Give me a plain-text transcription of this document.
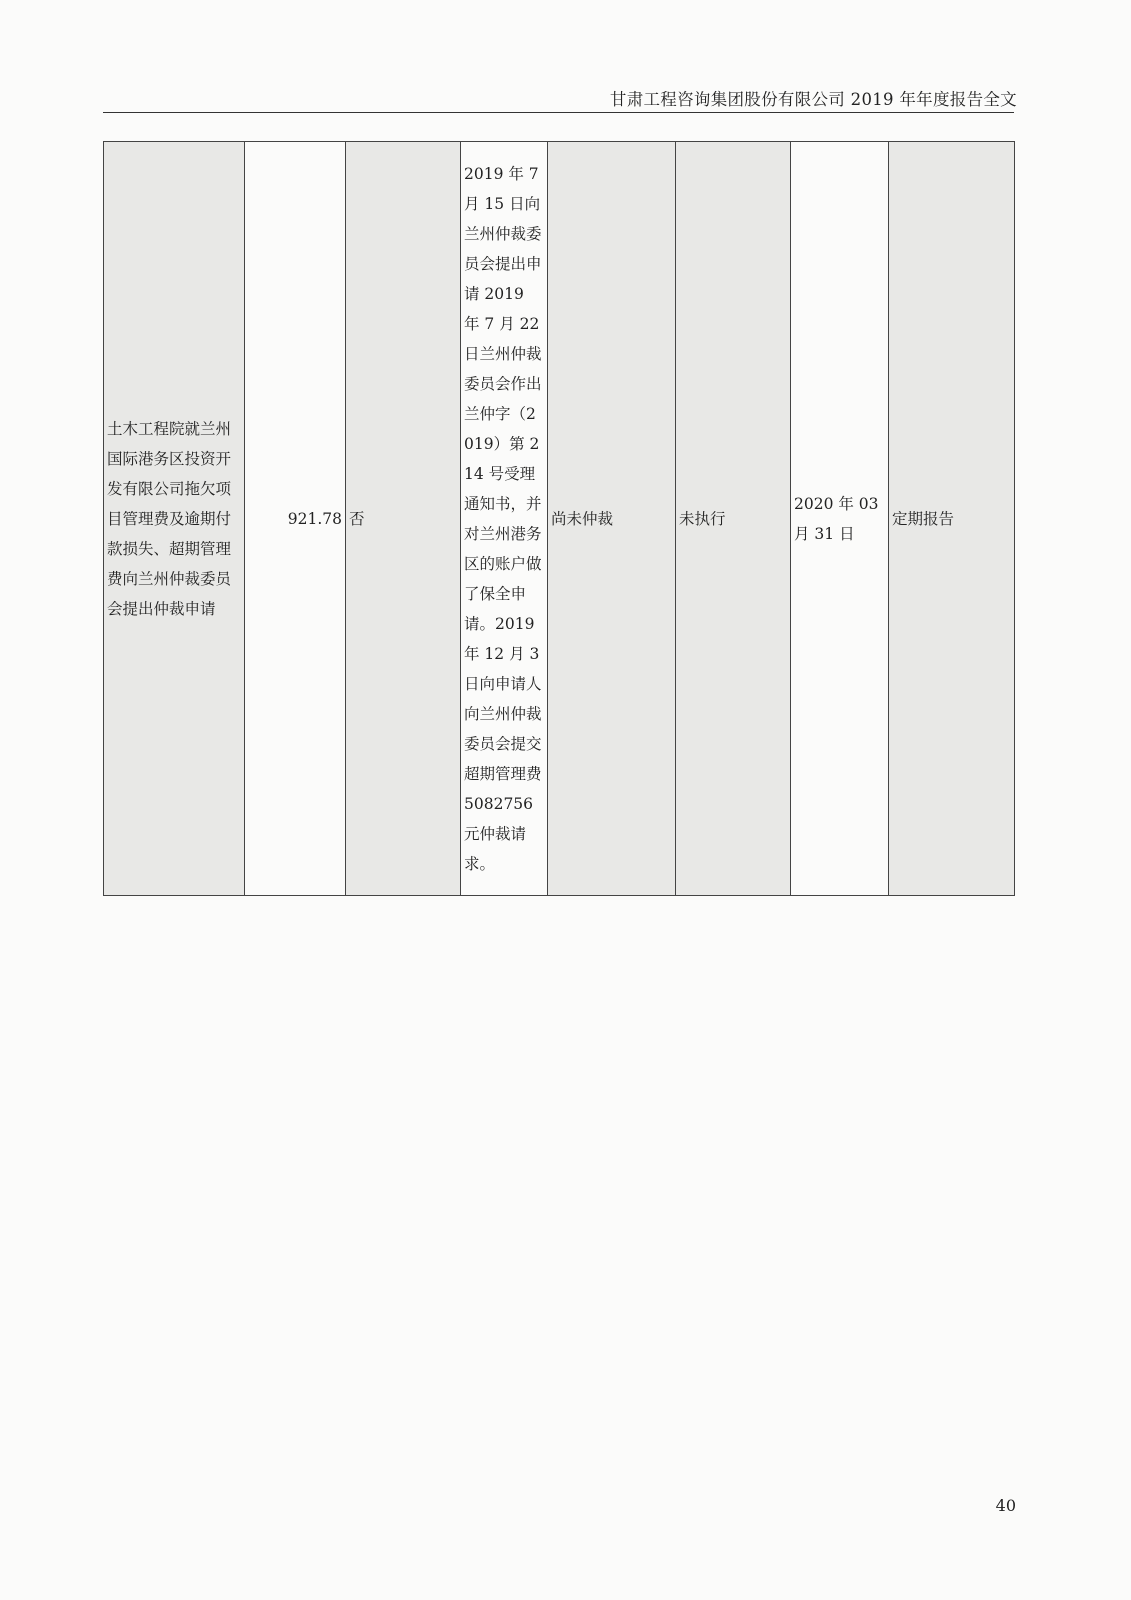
甘肃工程咨询集团股份有限公司 2019 年年度报告全文
土木工程院就兰州国际港务区投资开发有限公司拖欠项目管理费及逾期付款损失、超期管理费向兰州仲裁委员会提出仲裁申请	921.78	否	2019 年 7 月 15 日向兰州仲裁委员会提出申请 2019 年 7 月 22 日兰州仲裁委员会作出兰仲字（2019）第 214 号受理通知书，并对兰州港务区的账户做了保全申请。2019 年 12 月 3 日向申请人向兰州仲裁委员会提交超期管理费 5082756 元仲裁请求。	尚未仲裁	未执行	2020 年 03 月 31 日	定期报告
40
